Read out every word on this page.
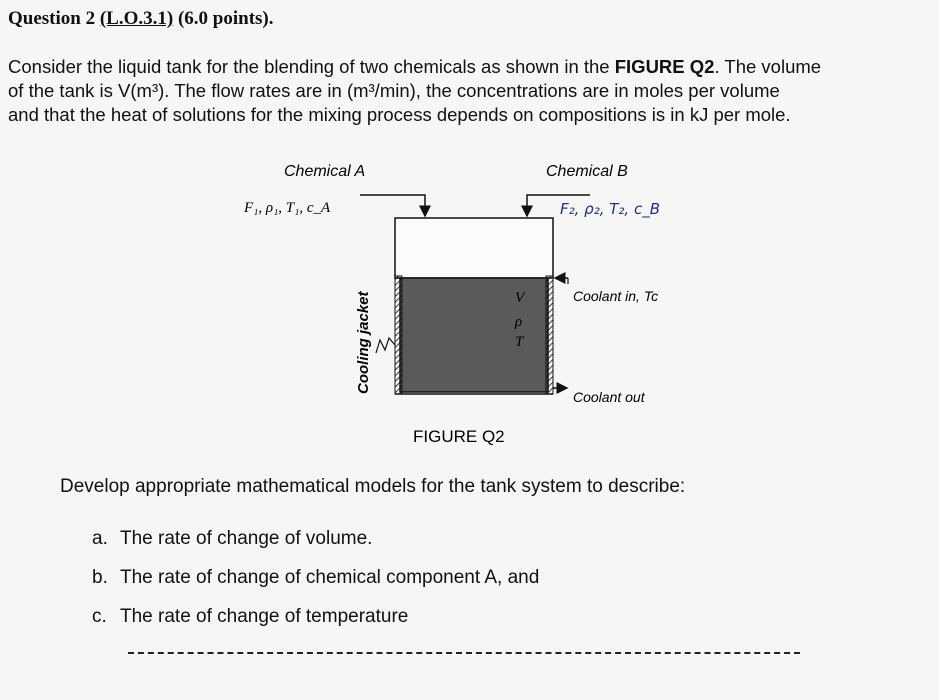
Question 2 (L.O.3.1) (6.0 points).
Consider the liquid tank for the blending of two chemicals as shown in the FIGURE Q2. The volume
of the tank is V(m³). The flow rates are in (m³/min), the concentrations are in moles per volume
and that the heat of solutions for the mixing process depends on compositions is in kJ per mole.
Chemical A	Chemical B
F₁, ρ₁, T₁, c_A	F₂, ρ₂, T₂, c_B
V
ρ
T
Coolant in, Tc
Coolant out
Cooling jacket
FIGURE Q2
Develop appropriate mathematical models for the tank system to describe:
a. The rate of change of volume.
b. The rate of change of chemical component A, and
c. The rate of change of temperature
